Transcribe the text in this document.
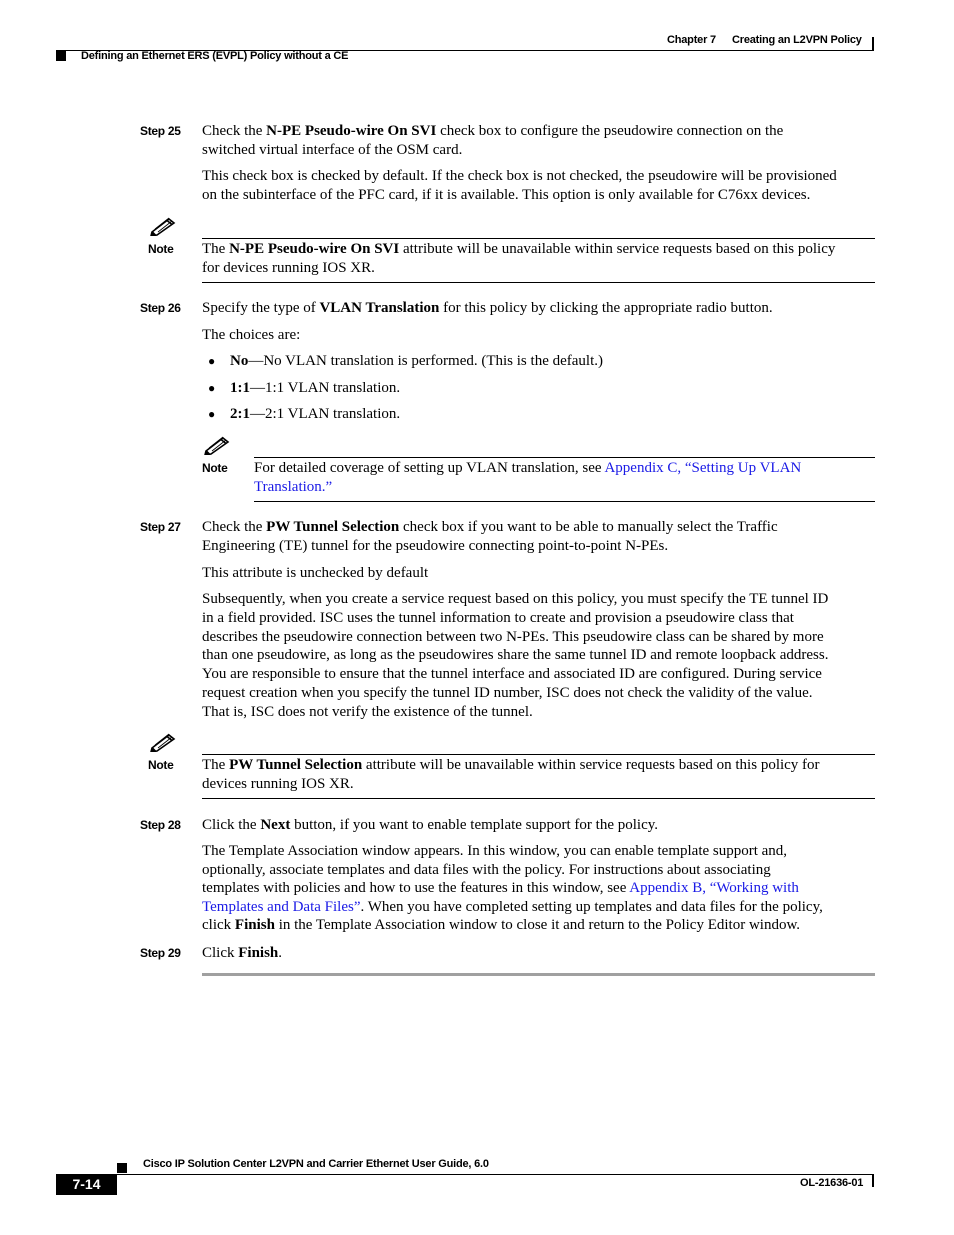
Chapter 7 Creating an L2VPN Policy
Defining an Ethernet ERS (EVPL) Policy without a CE
Step 25 Check the N-PE Pseudo-wire On SVI check box to configure the pseudowire connection on the
switched virtual interface of the OSM card.
This check box is checked by default. If the check box is not checked, the pseudowire will be provisioned
on the subinterface of the PFC card, if it is available. This option is only available for C76xx devices.
Note The N-PE Pseudo-wire On SVI attribute will be unavailable within service requests based on this policy
for devices running IOS XR.
Step 26 Specify the type of VLAN Translation for this policy by clicking the appropriate radio button.
The choices are:
● No—No VLAN translation is performed. (This is the default.)
● 1:1—1:1 VLAN translation.
● 2:1—2:1 VLAN translation.
Note For detailed coverage of setting up VLAN translation, see Appendix C, “Setting Up VLAN
Translation.”
Step 27 Check the PW Tunnel Selection check box if you want to be able to manually select the Traffic
Engineering (TE) tunnel for the pseudowire connecting point-to-point N-PEs.
This attribute is unchecked by default
Subsequently, when you create a service request based on this policy, you must specify the TE tunnel ID
in a field provided. ISC uses the tunnel information to create and provision a pseudowire class that
describes the pseudowire connection between two N-PEs. This pseudowire class can be shared by more
than one pseudowire, as long as the pseudowires share the same tunnel ID and remote loopback address.
You are responsible to ensure that the tunnel interface and associated ID are configured. During service
request creation when you specify the tunnel ID number, ISC does not check the validity of the value.
That is, ISC does not verify the existence of the tunnel.
Note The PW Tunnel Selection attribute will be unavailable within service requests based on this policy for
devices running IOS XR.
Step 28 Click the Next button, if you want to enable template support for the policy.
The Template Association window appears. In this window, you can enable template support and,
optionally, associate templates and data files with the policy. For instructions about associating
templates with policies and how to use the features in this window, see Appendix B, “Working with
Templates and Data Files”. When you have completed setting up templates and data files for the policy,
click Finish in the Template Association window to close it and return to the Policy Editor window.
Step 29 Click Finish.
Cisco IP Solution Center L2VPN and Carrier Ethernet User Guide, 6.0
7-14	OL-21636-01
